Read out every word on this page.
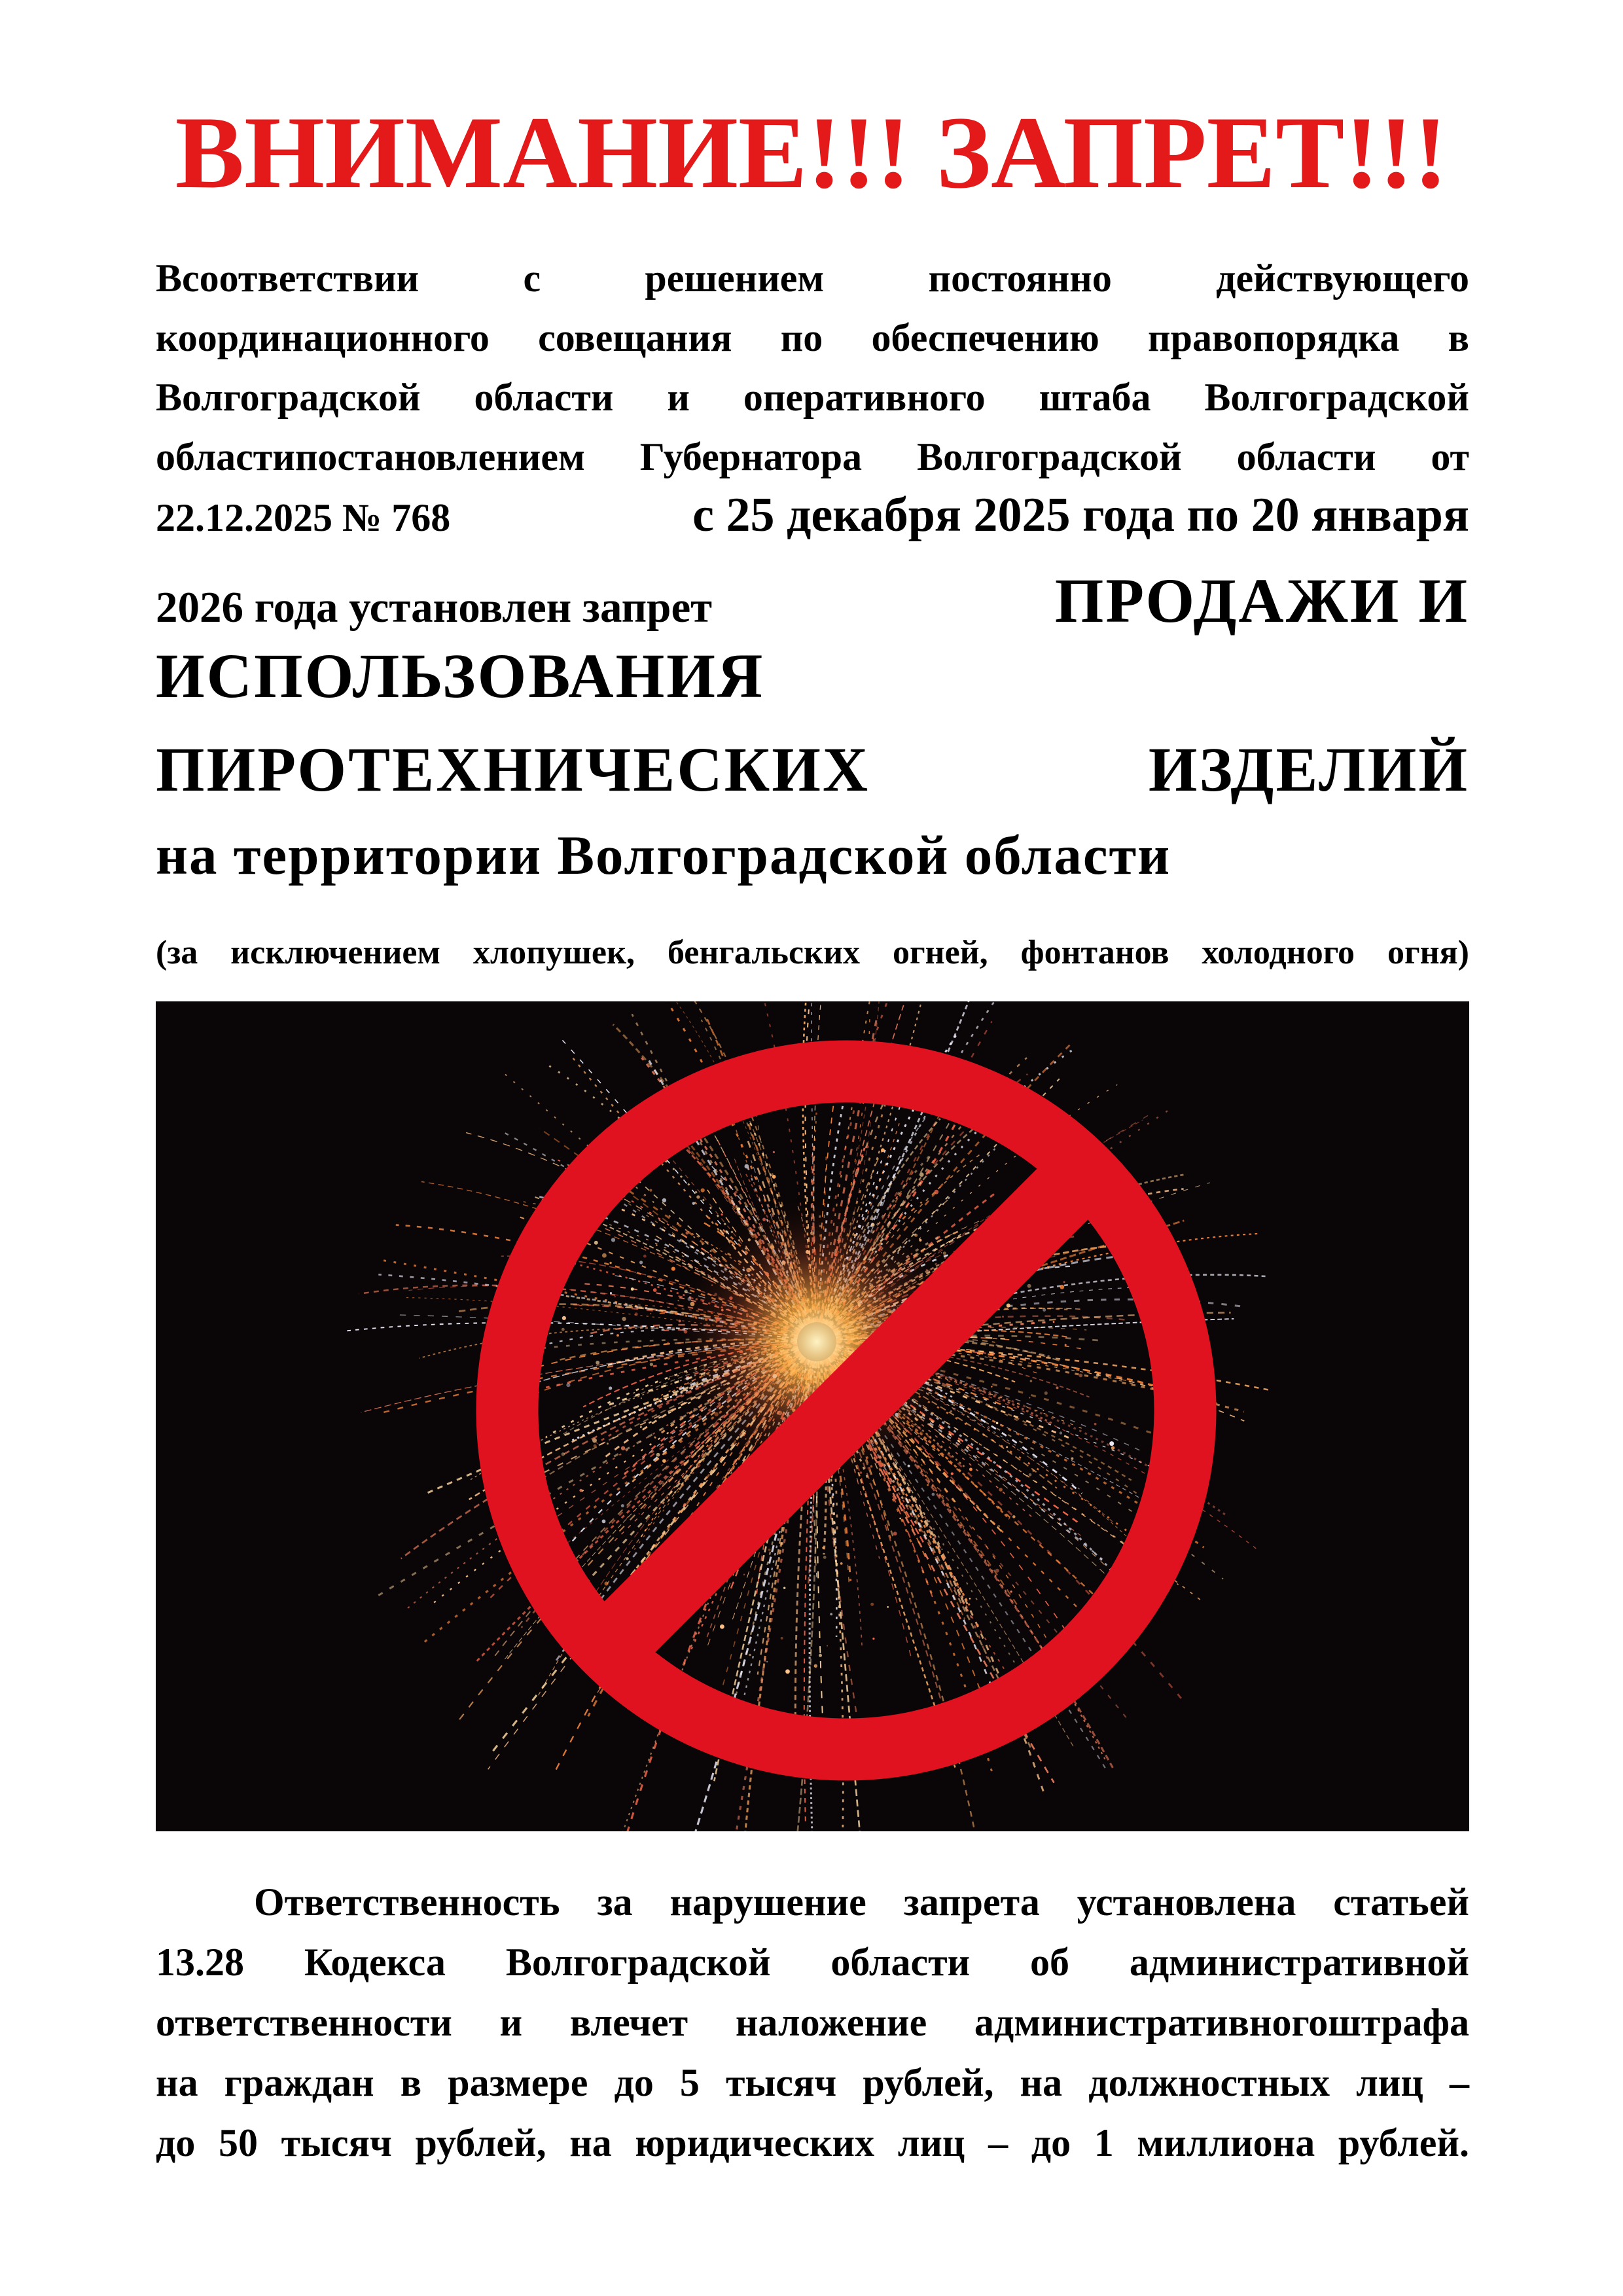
ВНИМАНИЕ!!! ЗАПРЕТ!!!
Всоответствии с решением постоянно действующего
координационного совещания по обеспечению правопорядка в
Волгоградской области и оперативного штаба Волгоградской
областипостановлением Губернатора Волгоградской области от
22.12.2025 № 768	с 25 декабря 2025 года по 20 января
2026 года установлен запрет	ПРОДАЖИ И
ИСПОЛЬЗОВАНИЯ
ПИРОТЕХНИЧЕСКИХ	ИЗДЕЛИЙ
на территории Волгоградской области
(за исключением хлопушек, бенгальских огней, фонтанов холодного огня)
Ответственность за нарушение запрета установлена статьей
13.28 Кодекса Волгоградской области об административной
ответственности и влечет наложение административногоштрафа
на граждан в размере до 5 тысяч рублей, на должностных лиц –
до 50 тысяч рублей, на юридических лиц – до 1 миллиона рублей.
